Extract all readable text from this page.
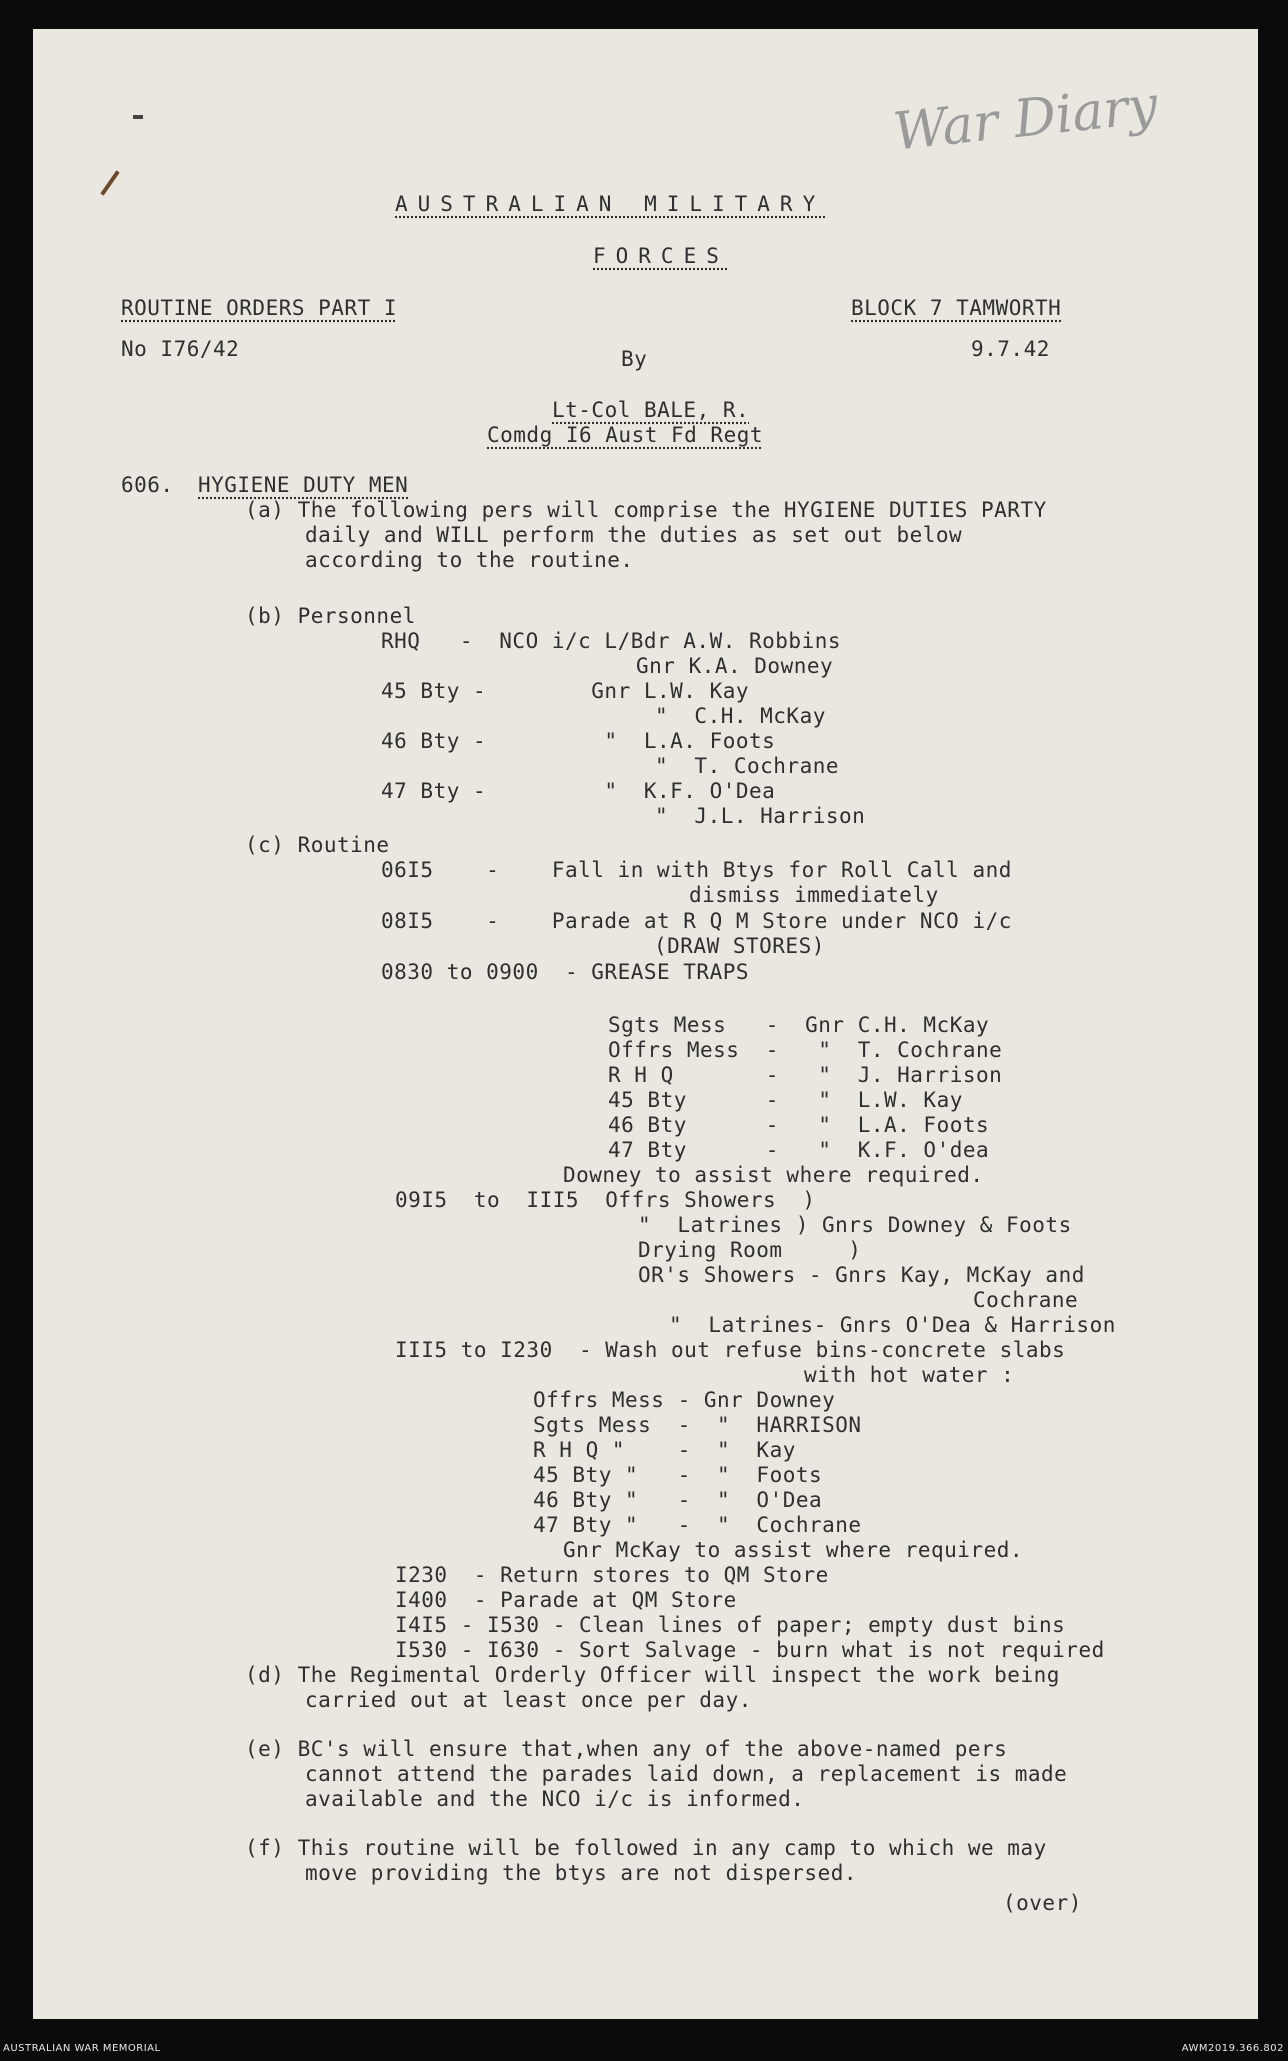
War Diary
AUSTRALIAN MILITARY
FORCES
ROUTINE ORDERS PART I	BLOCK 7 TAMWORTH
No I76/42	9.7.42
By
Lt-Col BALE, R.
Comdg I6 Aust Fd Regt
606. HYGIENE DUTY MEN
(a) The following pers will comprise the HYGIENE DUTIES PARTY
daily and WILL perform the duties as set out below
according to the routine.
(b) Personnel
RHQ   -  NCO i/c L/Bdr A.W. Robbins
Gnr K.A. Downey
45 Bty -        Gnr L.W. Kay
"  C.H. McKay
46 Bty -         "  L.A. Foots
"  T. Cochrane
47 Bty -         "  K.F. O'Dea
"  J.L. Harrison
(c) Routine
06I5    -    Fall in with Btys for Roll Call and
dismiss immediately
08I5    -    Parade at R Q M Store under NCO i/c
(DRAW STORES)
0830 to 0900  - GREASE TRAPS
Sgts Mess   -  Gnr C.H. McKay
Offrs Mess  -   "  T. Cochrane
R H Q       -   "  J. Harrison
45 Bty      -   "  L.W. Kay
46 Bty      -   "  L.A. Foots
47 Bty      -   "  K.F. O'dea
Downey to assist where required.
09I5  to  III5  Offrs Showers  )
"  Latrines ) Gnrs Downey & Foots
Drying Room     )
OR's Showers - Gnrs Kay, McKay and
Cochrane
"  Latrines- Gnrs O'Dea & Harrison
III5 to I230  - Wash out refuse bins-concrete slabs
with hot water :
Offrs Mess - Gnr Downey
Sgts Mess  -  "  HARRISON
R H Q "    -  "  Kay
45 Bty "   -  "  Foots
46 Bty "   -  "  O'Dea
47 Bty "   -  "  Cochrane
Gnr McKay to assist where required.
I230  - Return stores to QM Store
I400  - Parade at QM Store
I4I5 - I530 - Clean lines of paper; empty dust bins
I530 - I630 - Sort Salvage - burn what is not required
(d) The Regimental Orderly Officer will inspect the work being
carried out at least once per day.
(e) BC's will ensure that,when any of the above-named pers
cannot attend the parades laid down, a replacement is made
available and the NCO i/c is informed.
(f) This routine will be followed in any camp to which we may
move providing the btys are not dispersed.
(over)
AUSTRALIAN WAR MEMORIAL	AWM2019.366.802
